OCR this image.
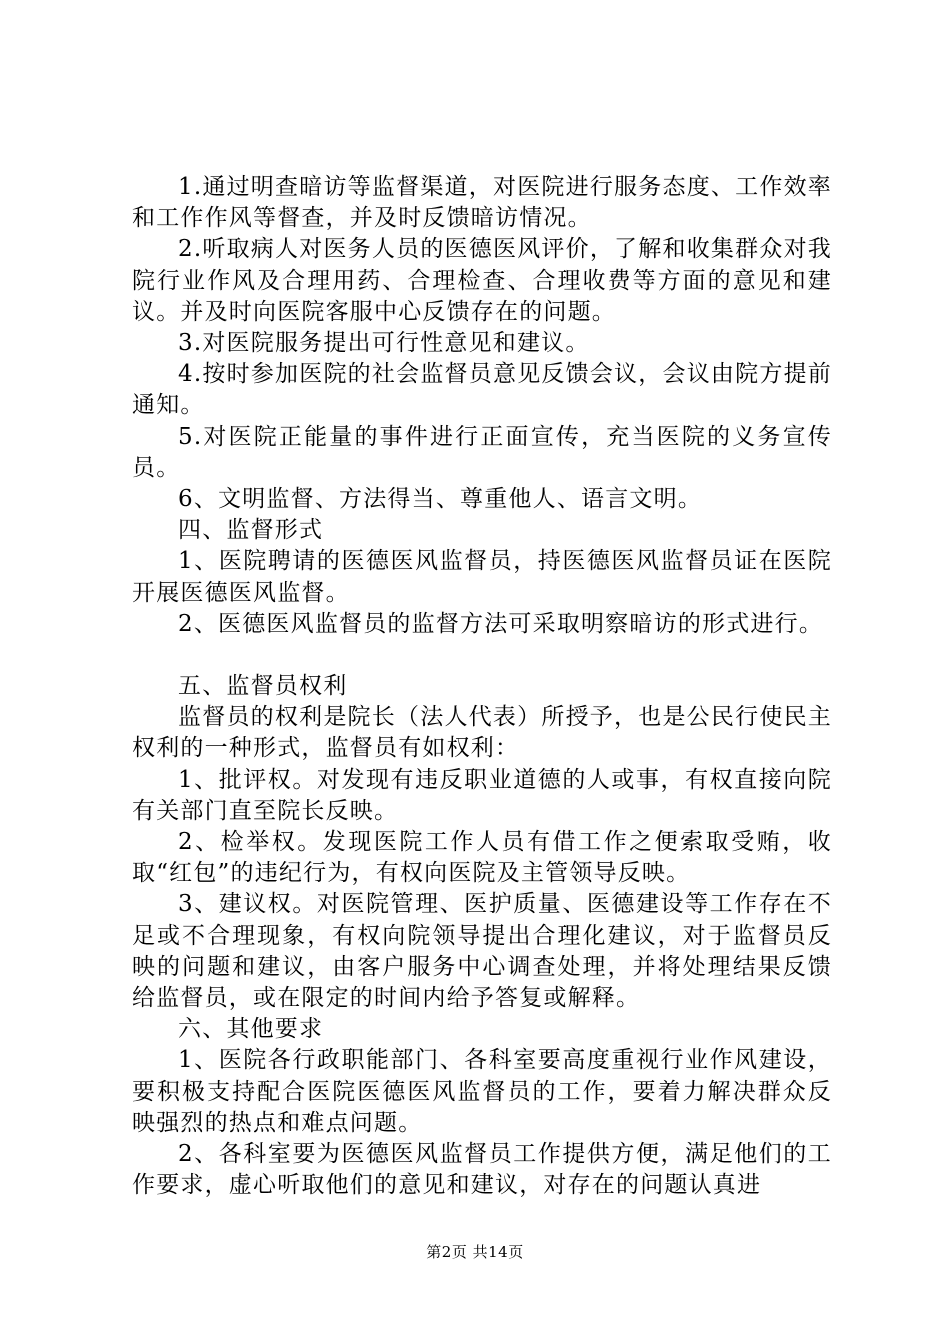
1.通过明查暗访等监督渠道，对医院进行服务态度、工作效率和工作作风等督查，并及时反馈暗访情况。

2.听取病人对医务人员的医德医风评价，了解和收集群众对我院行业作风及合理用药、合理检查、合理收费等方面的意见和建议。并及时向医院客服中心反馈存在的问题。

3.对医院服务提出可行性意见和建议。

4.按时参加医院的社会监督员意见反馈会议，会议由院方提前通知。

5.对医院正能量的事件进行正面宣传，充当医院的义务宣传员。

6、文明监督、方法得当、尊重他人、语言文明。

四、监督形式

1、医院聘请的医德医风监督员，持医德医风监督员证在医院开展医德医风监督。

2、医德医风监督员的监督方法可采取明察暗访的形式进行。

五、监督员权利

监督员的权利是院长（法人代表）所授予，也是公民行使民主权利的一种形式，监督员有如权利：

1、批评权。对发现有违反职业道德的人或事，有权直接向院有关部门直至院长反映。

2、检举权。发现医院工作人员有借工作之便索取受贿，收取“红包”的违纪行为，有权向医院及主管领导反映。

3、建议权。对医院管理、医护质量、医德建设等工作存在不足或不合理现象，有权向院领导提出合理化建议，对于监督员反映的问题和建议，由客户服务中心调查处理，并将处理结果反馈给监督员，或在限定的时间内给予答复或解释。

六、其他要求

1、医院各行政职能部门、各科室要高度重视行业作风建设，要积极支持配合医院医德医风监督员的工作，要着力解决群众反映强烈的热点和难点问题。

2、各科室要为医德医风监督员工作提供方便，满足他们的工作要求，虚心听取他们的意见和建议，对存在的问题认真进

第2页 共14页
